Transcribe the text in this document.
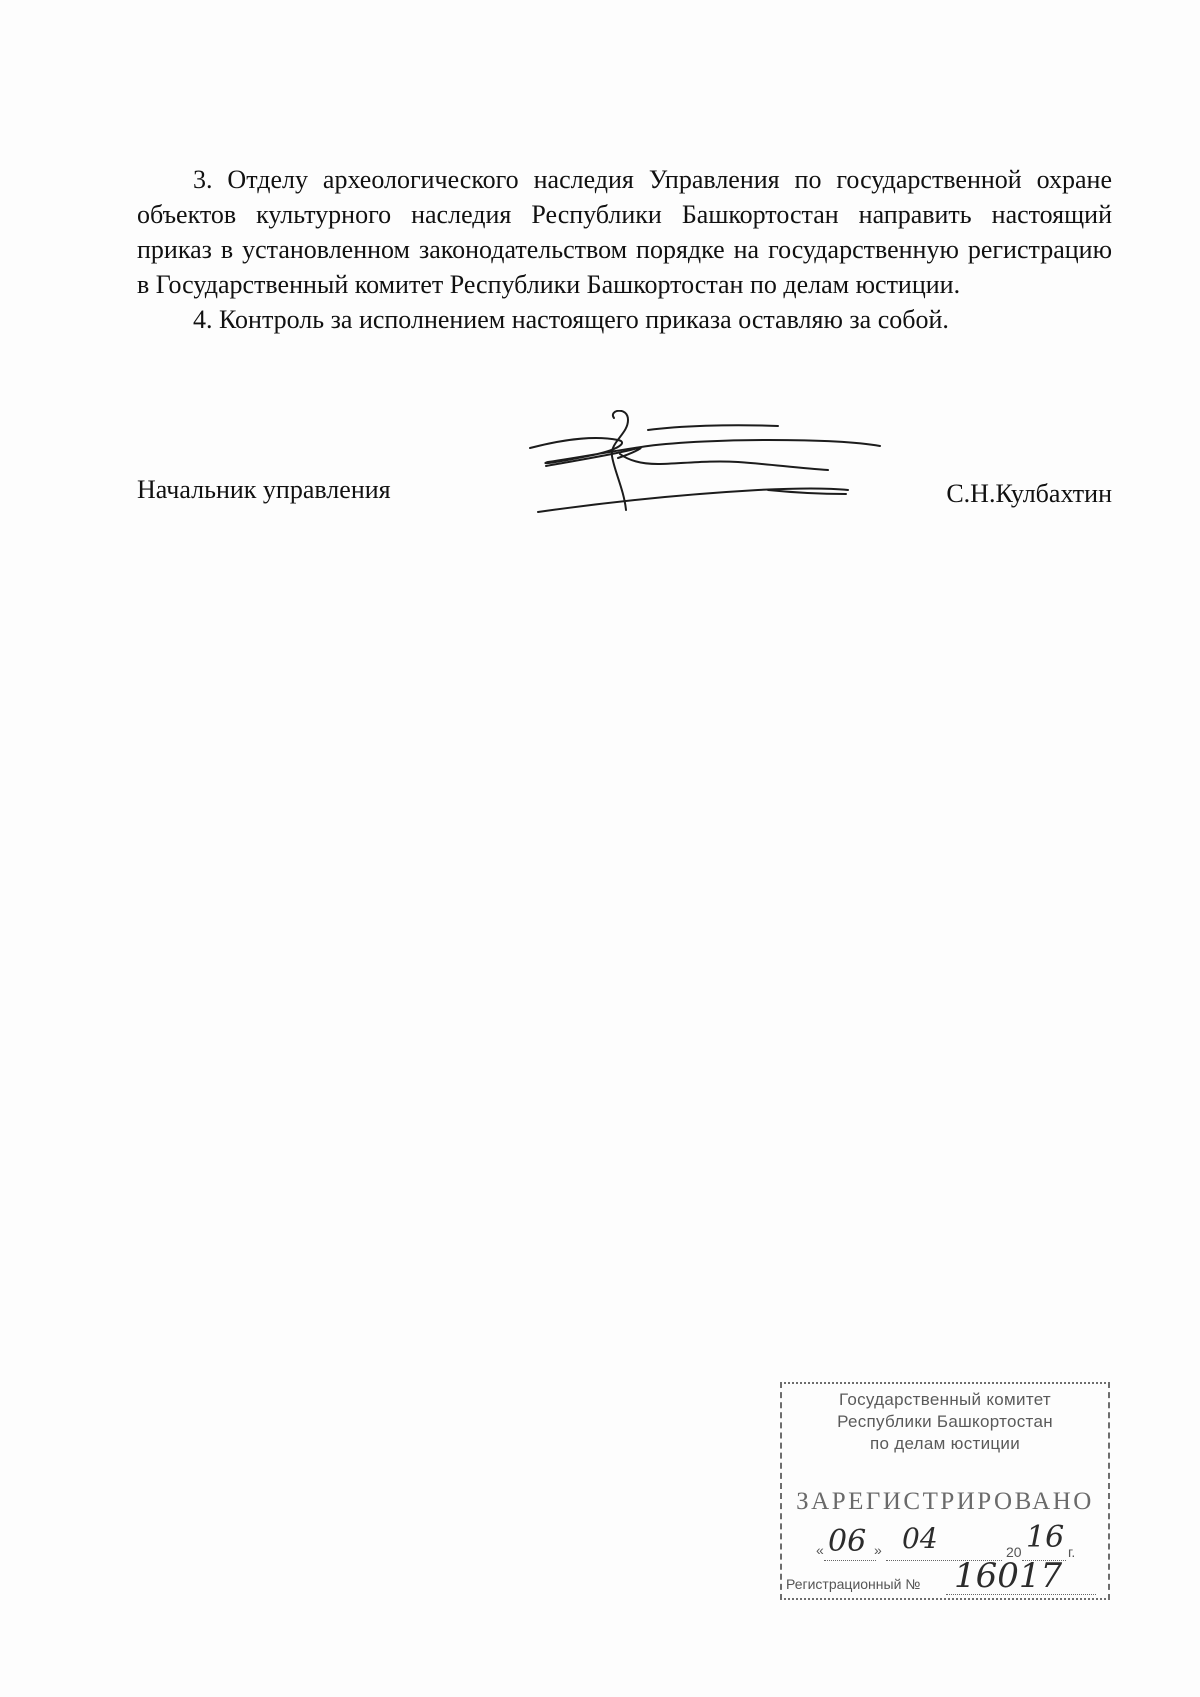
3. Отделу археологического наследия Управления по государственной охране объектов культурного наследия Республики Башкортостан направить настоящий приказ в установленном законодательством порядке на государственную регистрацию в Государственный комитет Республики Башкортостан по делам юстиции.

4. Контроль за исполнением настоящего приказа оставляю за собой.

Начальник управления	С.Н.Кулбахтин
Государственный комитет
Республики Башкортостан
по делам юстиции
ЗАРЕГИСТРИРОВАНО
« 06 » 04	20 16 г.
Регистрационный № 16017
